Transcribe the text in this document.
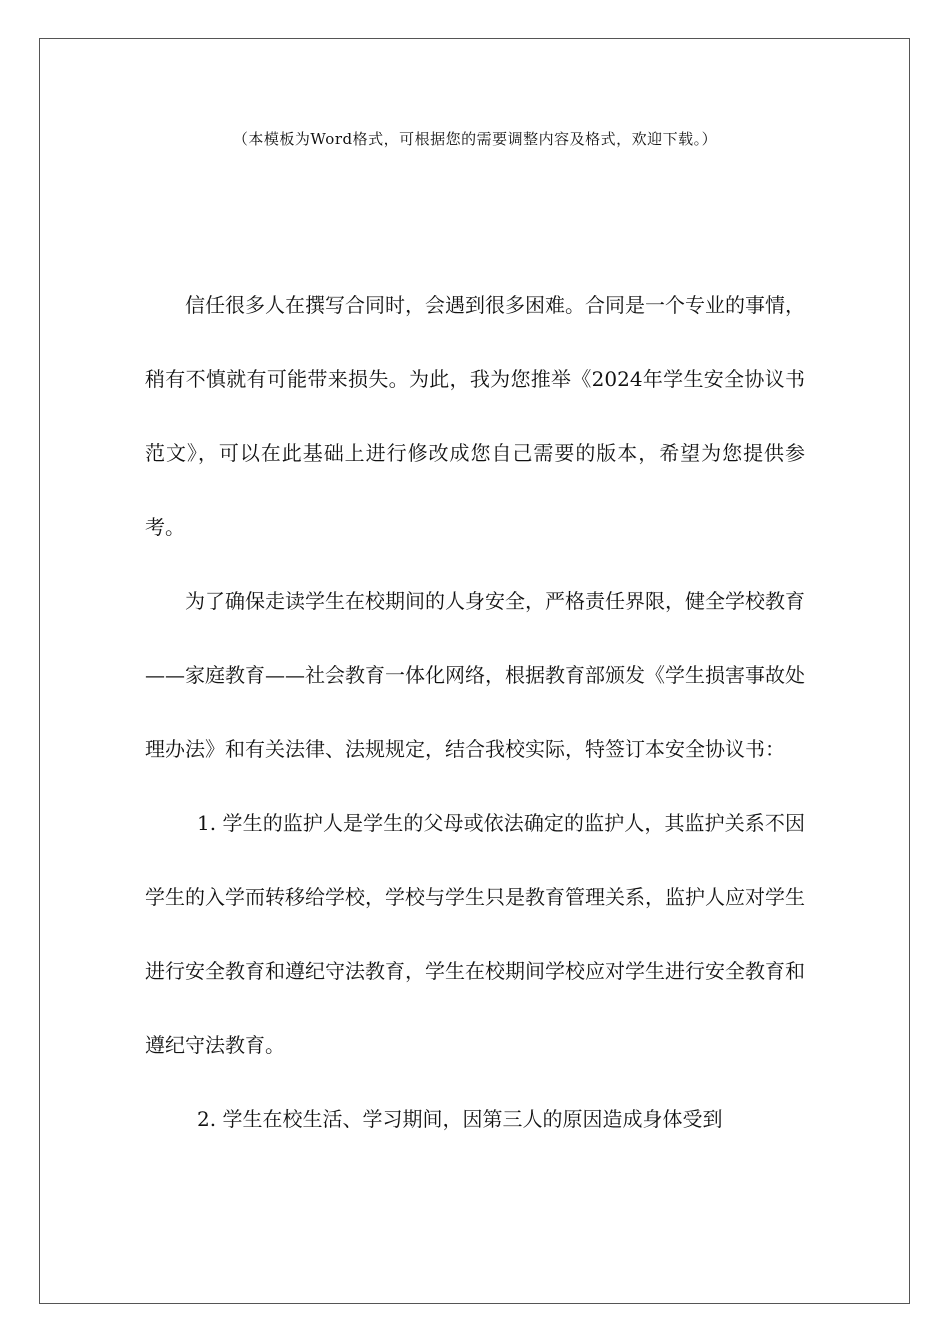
（本模板为Word格式，可根据您的需要调整内容及格式，欢迎下载。）

信任很多人在撰写合同时，会遇到很多困难。合同是一个专业的事情，稍有不慎就有可能带来损失。为此，我为您推举《2024年学生安全协议书范文》，可以在此基础上进行修改成您自己需要的版本，希望为您提供参考。

为了确保走读学生在校期间的人身安全，严格责任界限，健全学校教育——家庭教育——社会教育一体化网络，根据教育部颁发《学生损害事故处理办法》和有关法律、法规规定，结合我校实际，特签订本安全协议书：

1. 学生的监护人是学生的父母或依法确定的监护人，其监护关系不因学生的入学而转移给学校，学校与学生只是教育管理关系，监护人应对学生进行安全教育和遵纪守法教育，学生在校期间学校应对学生进行安全教育和遵纪守法教育。

2. 学生在校生活、学习期间，因第三人的原因造成身体受到
